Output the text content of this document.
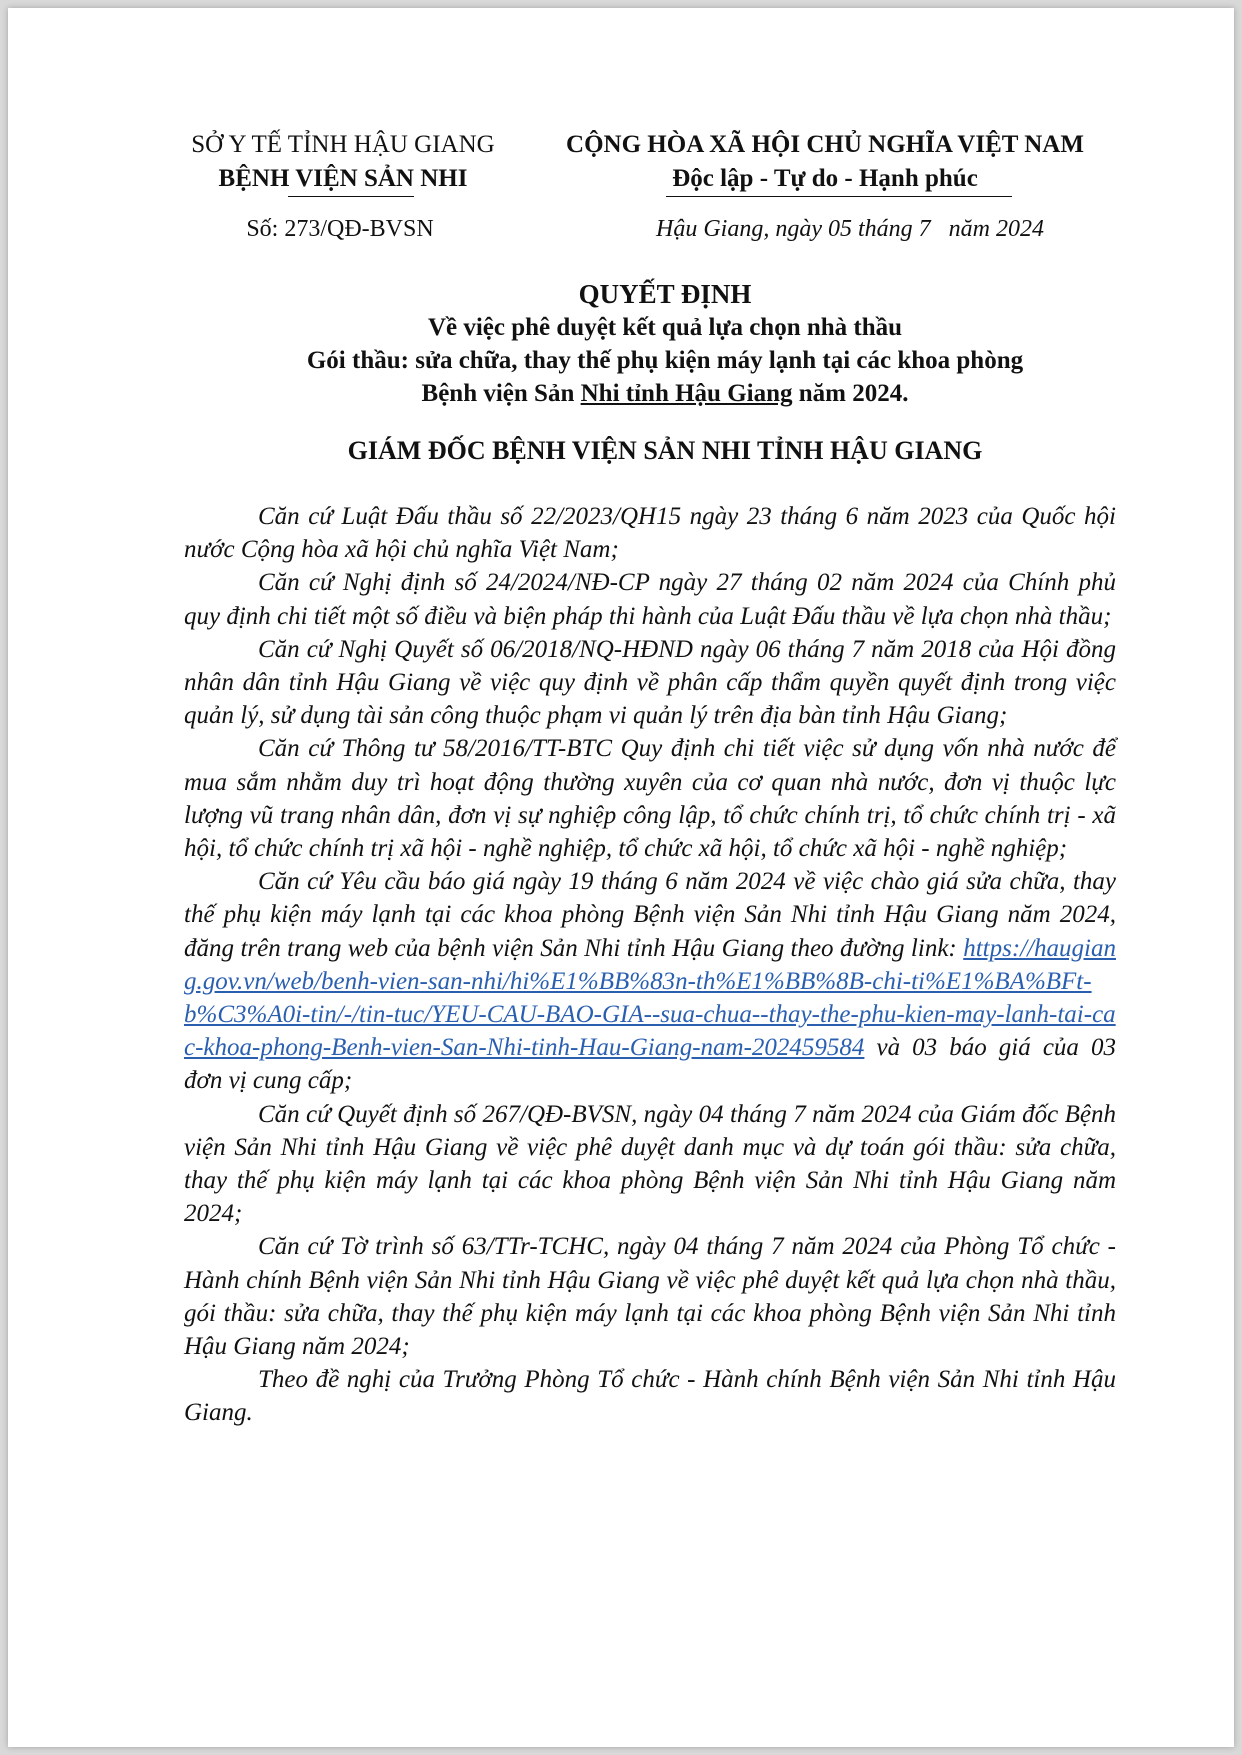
SỞ Y TẾ TỈNH HẬU GIANG
BỆNH VIỆN SẢN NHI
CỘNG HÒA XÃ HỘI CHỦ NGHĨA VIỆT NAM
Độc lập - Tự do - Hạnh phúc
Số: 273/QĐ-BVSN	Hậu Giang, ngày 05 tháng 7   năm 2024
QUYẾT ĐỊNH
Về việc phê duyệt kết quả lựa chọn nhà thầu
Gói thầu: sửa chữa, thay thế phụ kiện máy lạnh tại các khoa phòng
Bệnh viện Sản Nhi tỉnh Hậu Giang năm 2024.
GIÁM ĐỐC BỆNH VIỆN SẢN NHI TỈNH HẬU GIANG

Căn cứ Luật Đấu thầu số 22/2023/QH15 ngày 23 tháng 6 năm 2023 của Quốc hội nước Cộng hòa xã hội chủ nghĩa Việt Nam;

Căn cứ Nghị định số 24/2024/NĐ-CP ngày 27 tháng 02 năm 2024 của Chính phủ quy định chi tiết một số điều và biện pháp thi hành của Luật Đấu thầu về lựa chọn nhà thầu;

Căn cứ Nghị Quyết số 06/2018/NQ-HĐND ngày 06 tháng 7 năm 2018 của Hội đồng nhân dân tỉnh Hậu Giang về việc quy định về phân cấp thẩm quyền quyết định trong việc quản lý, sử dụng tài sản công thuộc phạm vi quản lý trên địa bàn tỉnh Hậu Giang;

Căn cứ Thông tư 58/2016/TT-BTC Quy định chi tiết việc sử dụng vốn nhà nước để mua sắm nhằm duy trì hoạt động thường xuyên của cơ quan nhà nước, đơn vị thuộc lực lượng vũ trang nhân dân, đơn vị sự nghiệp công lập, tổ chức chính trị, tổ chức chính trị - xã hội, tổ chức chính trị xã hội - nghề nghiệp, tổ chức xã hội, tổ chức xã hội - nghề nghiệp;

Căn cứ Yêu cầu báo giá ngày 19 tháng 6 năm 2024 về việc chào giá sửa chữa, thay thế phụ kiện máy lạnh tại các khoa phòng Bệnh viện Sản Nhi tỉnh Hậu Giang năm 2024, đăng trên trang web của bệnh viện Sản Nhi tỉnh Hậu Giang theo đường link: https://haugiang.gov.vn/web/benh-vien-san-nhi/hi%E1%BB%83n-th%E1%BB%8B-chi-ti%E1%BA%BFt-b%C3%A0i-tin/-/tin-tuc/YEU-CAU-BAO-GIA--sua-chua--thay-the-phu-kien-may-lanh-tai-cac-khoa-phong-Benh-vien-San-Nhi-tinh-Hau-Giang-nam-202459584 và 03 báo giá của 03 đơn vị cung cấp;

Căn cứ Quyết định số 267/QĐ-BVSN, ngày 04 tháng 7 năm 2024 của Giám đốc Bệnh viện Sản Nhi tỉnh Hậu Giang về việc phê duyệt danh mục và dự toán gói thầu: sửa chữa, thay thế phụ kiện máy lạnh tại các khoa phòng Bệnh viện Sản Nhi tỉnh Hậu Giang năm 2024;

Căn cứ Tờ trình số 63/TTr-TCHC, ngày 04 tháng 7 năm 2024 của Phòng Tổ chức - Hành chính Bệnh viện Sản Nhi tỉnh Hậu Giang về việc phê duyệt kết quả lựa chọn nhà thầu, gói thầu: sửa chữa, thay thế phụ kiện máy lạnh tại các khoa phòng Bệnh viện Sản Nhi tỉnh Hậu Giang năm 2024;

Theo đề nghị của Trưởng Phòng Tổ chức - Hành chính Bệnh viện Sản Nhi tỉnh Hậu Giang.
